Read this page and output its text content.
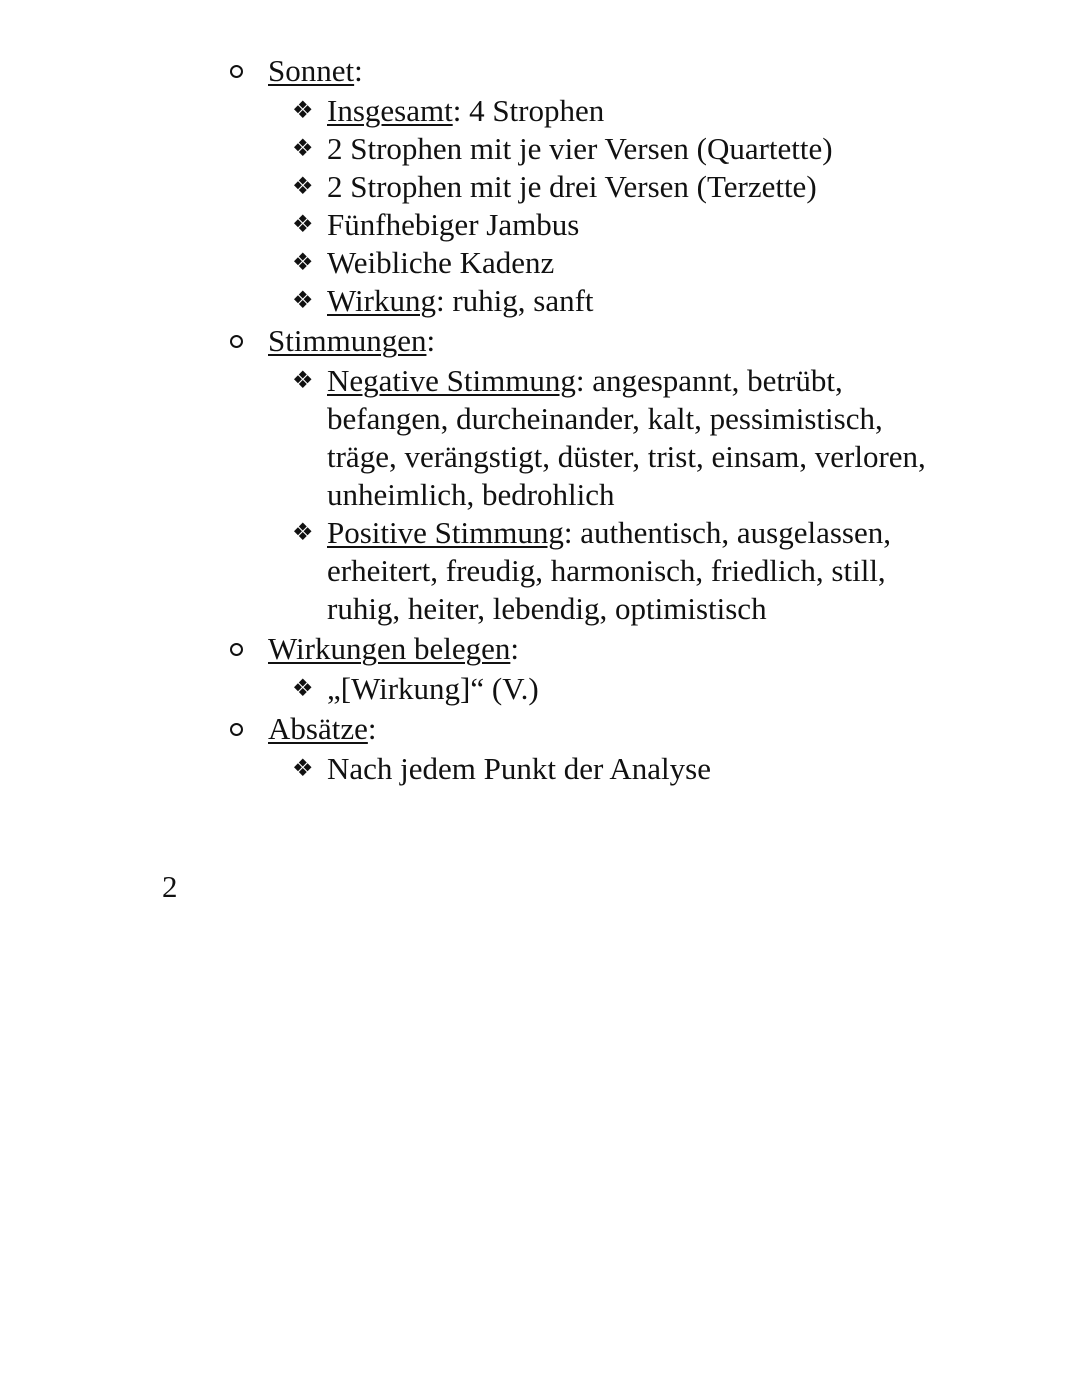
Sonnet:
❖ Insgesamt: 4 Strophen
❖ 2 Strophen mit je vier Versen (Quartette)
❖ 2 Strophen mit je drei Versen (Terzette)
❖ Fünfhebiger Jambus
❖ Weibliche Kadenz
❖ Wirkung: ruhig, sanft
Stimmungen:
❖ Negative Stimmung: angespannt, betrübt, befangen, durcheinander, kalt, pessimistisch, träge, verängstigt, düster, trist, einsam, verloren, unheimlich, bedrohlich
❖ Positive Stimmung: authentisch, ausgelassen, erheitert, freudig, harmonisch, friedlich, still, ruhig, heiter, lebendig, optimistisch
Wirkungen belegen:
❖ „[Wirkung]“ (V.)
Absätze:
❖ Nach jedem Punkt der Analyse
2
